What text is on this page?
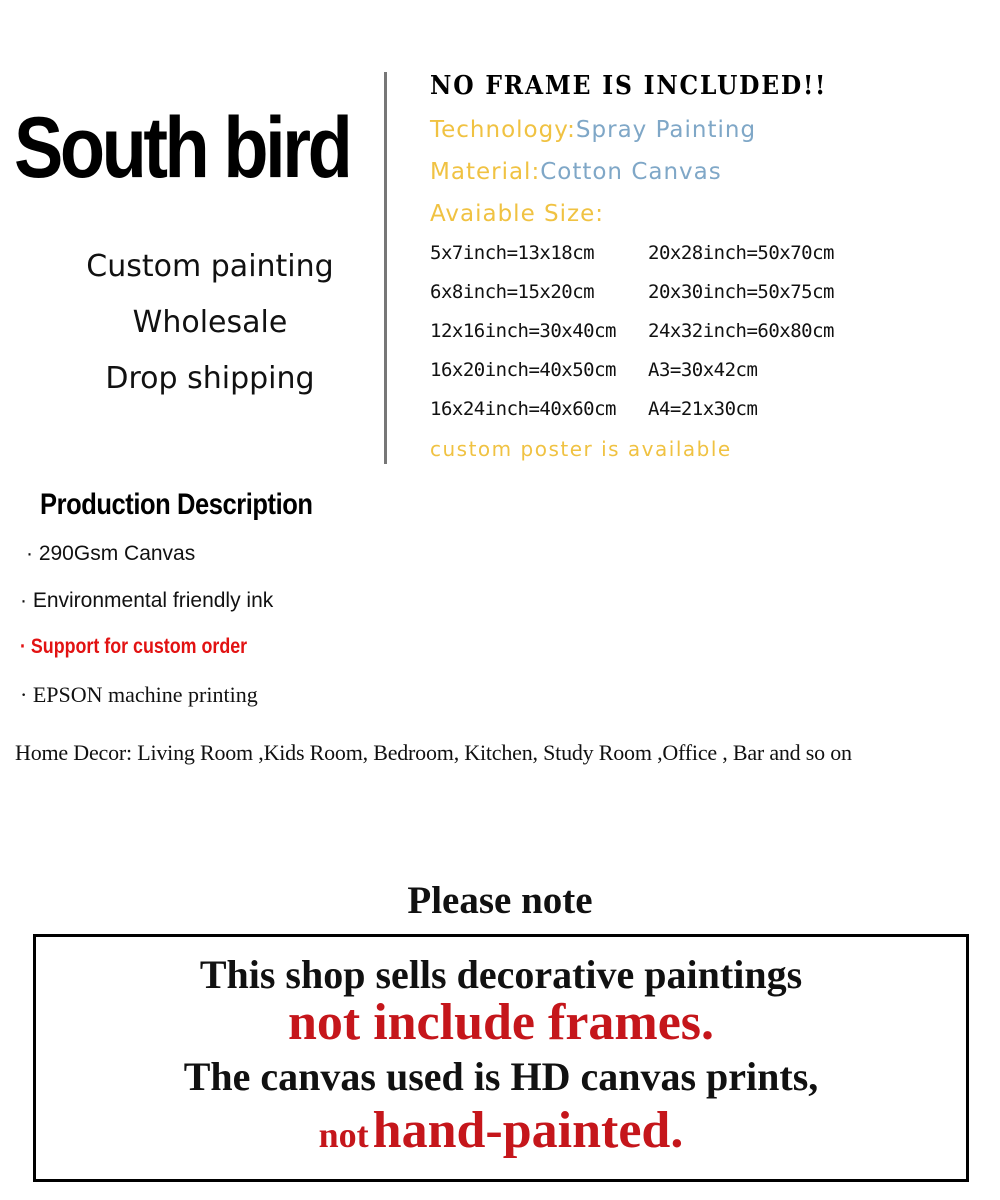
South bird
Custom painting
Wholesale
Drop shipping
NO FRAME IS INCLUDED!!
Technology:Spray Painting
Material:Cotton Canvas
Avaiable Size:
5x7inch=13x18cm	20x28inch=50x70cm
6x8inch=15x20cm	20x30inch=50x75cm
12x16inch=30x40cm	24x32inch=60x80cm
16x20inch=40x50cm	A3=30x42cm
16x24inch=40x60cm	A4=21x30cm
custom poster is available
Production Description
· 290Gsm Canvas
· Environmental friendly ink
· Support for custom order
· EPSON machine printing
Home Decor: Living Room ,Kids Room, Bedroom, Kitchen, Study Room ,Office , Bar and so on
Please note
This shop sells decorative paintings
not include frames.
The canvas used is HD canvas prints,
not hand-painted.
